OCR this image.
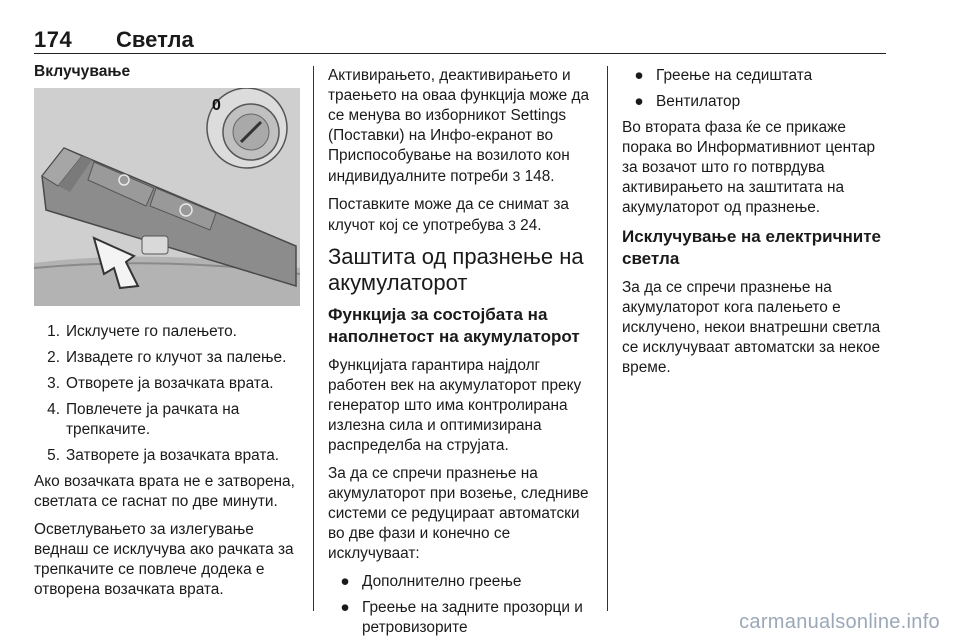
174 Светла
Вклучување
0
1. Исклучете го палењето.
2. Извадете го клучот за палење.
3. Отворете ја возачката врата.
4. Повлечете ја рачката на трепкачите.
5. Затворете ја возачката врата.

Ако возачката врата не е затворена, светлата се гаснат по две минути.

Осветлувањето за излегување веднаш се исклучува ако рачката за трепкачите се повлече додека е отворена возачката врата.

Активирањето, деактивирањето и траењето на оваа функција може да се менува во изборникот Settings (Поставки) на Инфо-екранот во Приспособување на возилото кон индивидуалните потреби 3 148.

Поставките може да се снимат за клучот кој се употребува 3 24.

Заштита од празнење на акумулаторот
Функција за состојбата на наполнетост на акумулаторот

Функцијата гарантира најдолг работен век на акумулаторот преку генератор што има контролирана излезна сила и оптимизирана распределба на струјата.

За да се спречи празнење на акумулаторот при возење, следниве системи се редуцираат автоматски во две фази и конечно се исклучуваат:

● Дополнително греење
● Греење на задните прозорци и ретровизорите
● Греење на седиштата
● Вентилатор

Во втората фаза ќе се прикаже порака во Информативниот центар за возачот што го потврдува активирањето на заштитата на акумулаторот од празнење.

Исклучување на електричните светла

За да се спречи празнење на акумулаторот кога палењето е исклучено, некои внатрешни светла се исклучуваат автоматски за некое време.

carmanualsonline.info
